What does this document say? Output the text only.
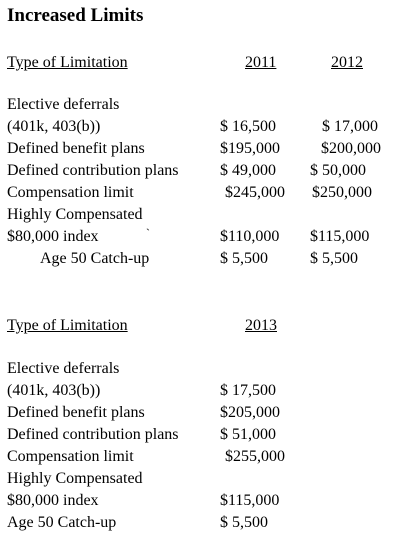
Increased Limits
Type of Limitation	2011	2012
Elective deferrals
(401k, 403(b))	$ 16,500	$ 17,000
Defined benefit plans	$195,000	$200,000
Defined contribution plans	$ 49,000 $ 50,000
Compensation limit	$245,000 $250,000
Highly Compensated
$80,000 index	`	$110,000 $115,000
Age 50 Catch-up	$ 5,500	$ 5,500
Type of Limitation	2013
Elective deferrals
(401k, 403(b))	$ 17,500
Defined benefit plans	$205,000
Defined contribution plans	$ 51,000
Compensation limit	$255,000
Highly Compensated
$80,000 index	$115,000
Age 50 Catch-up	$ 5,500
